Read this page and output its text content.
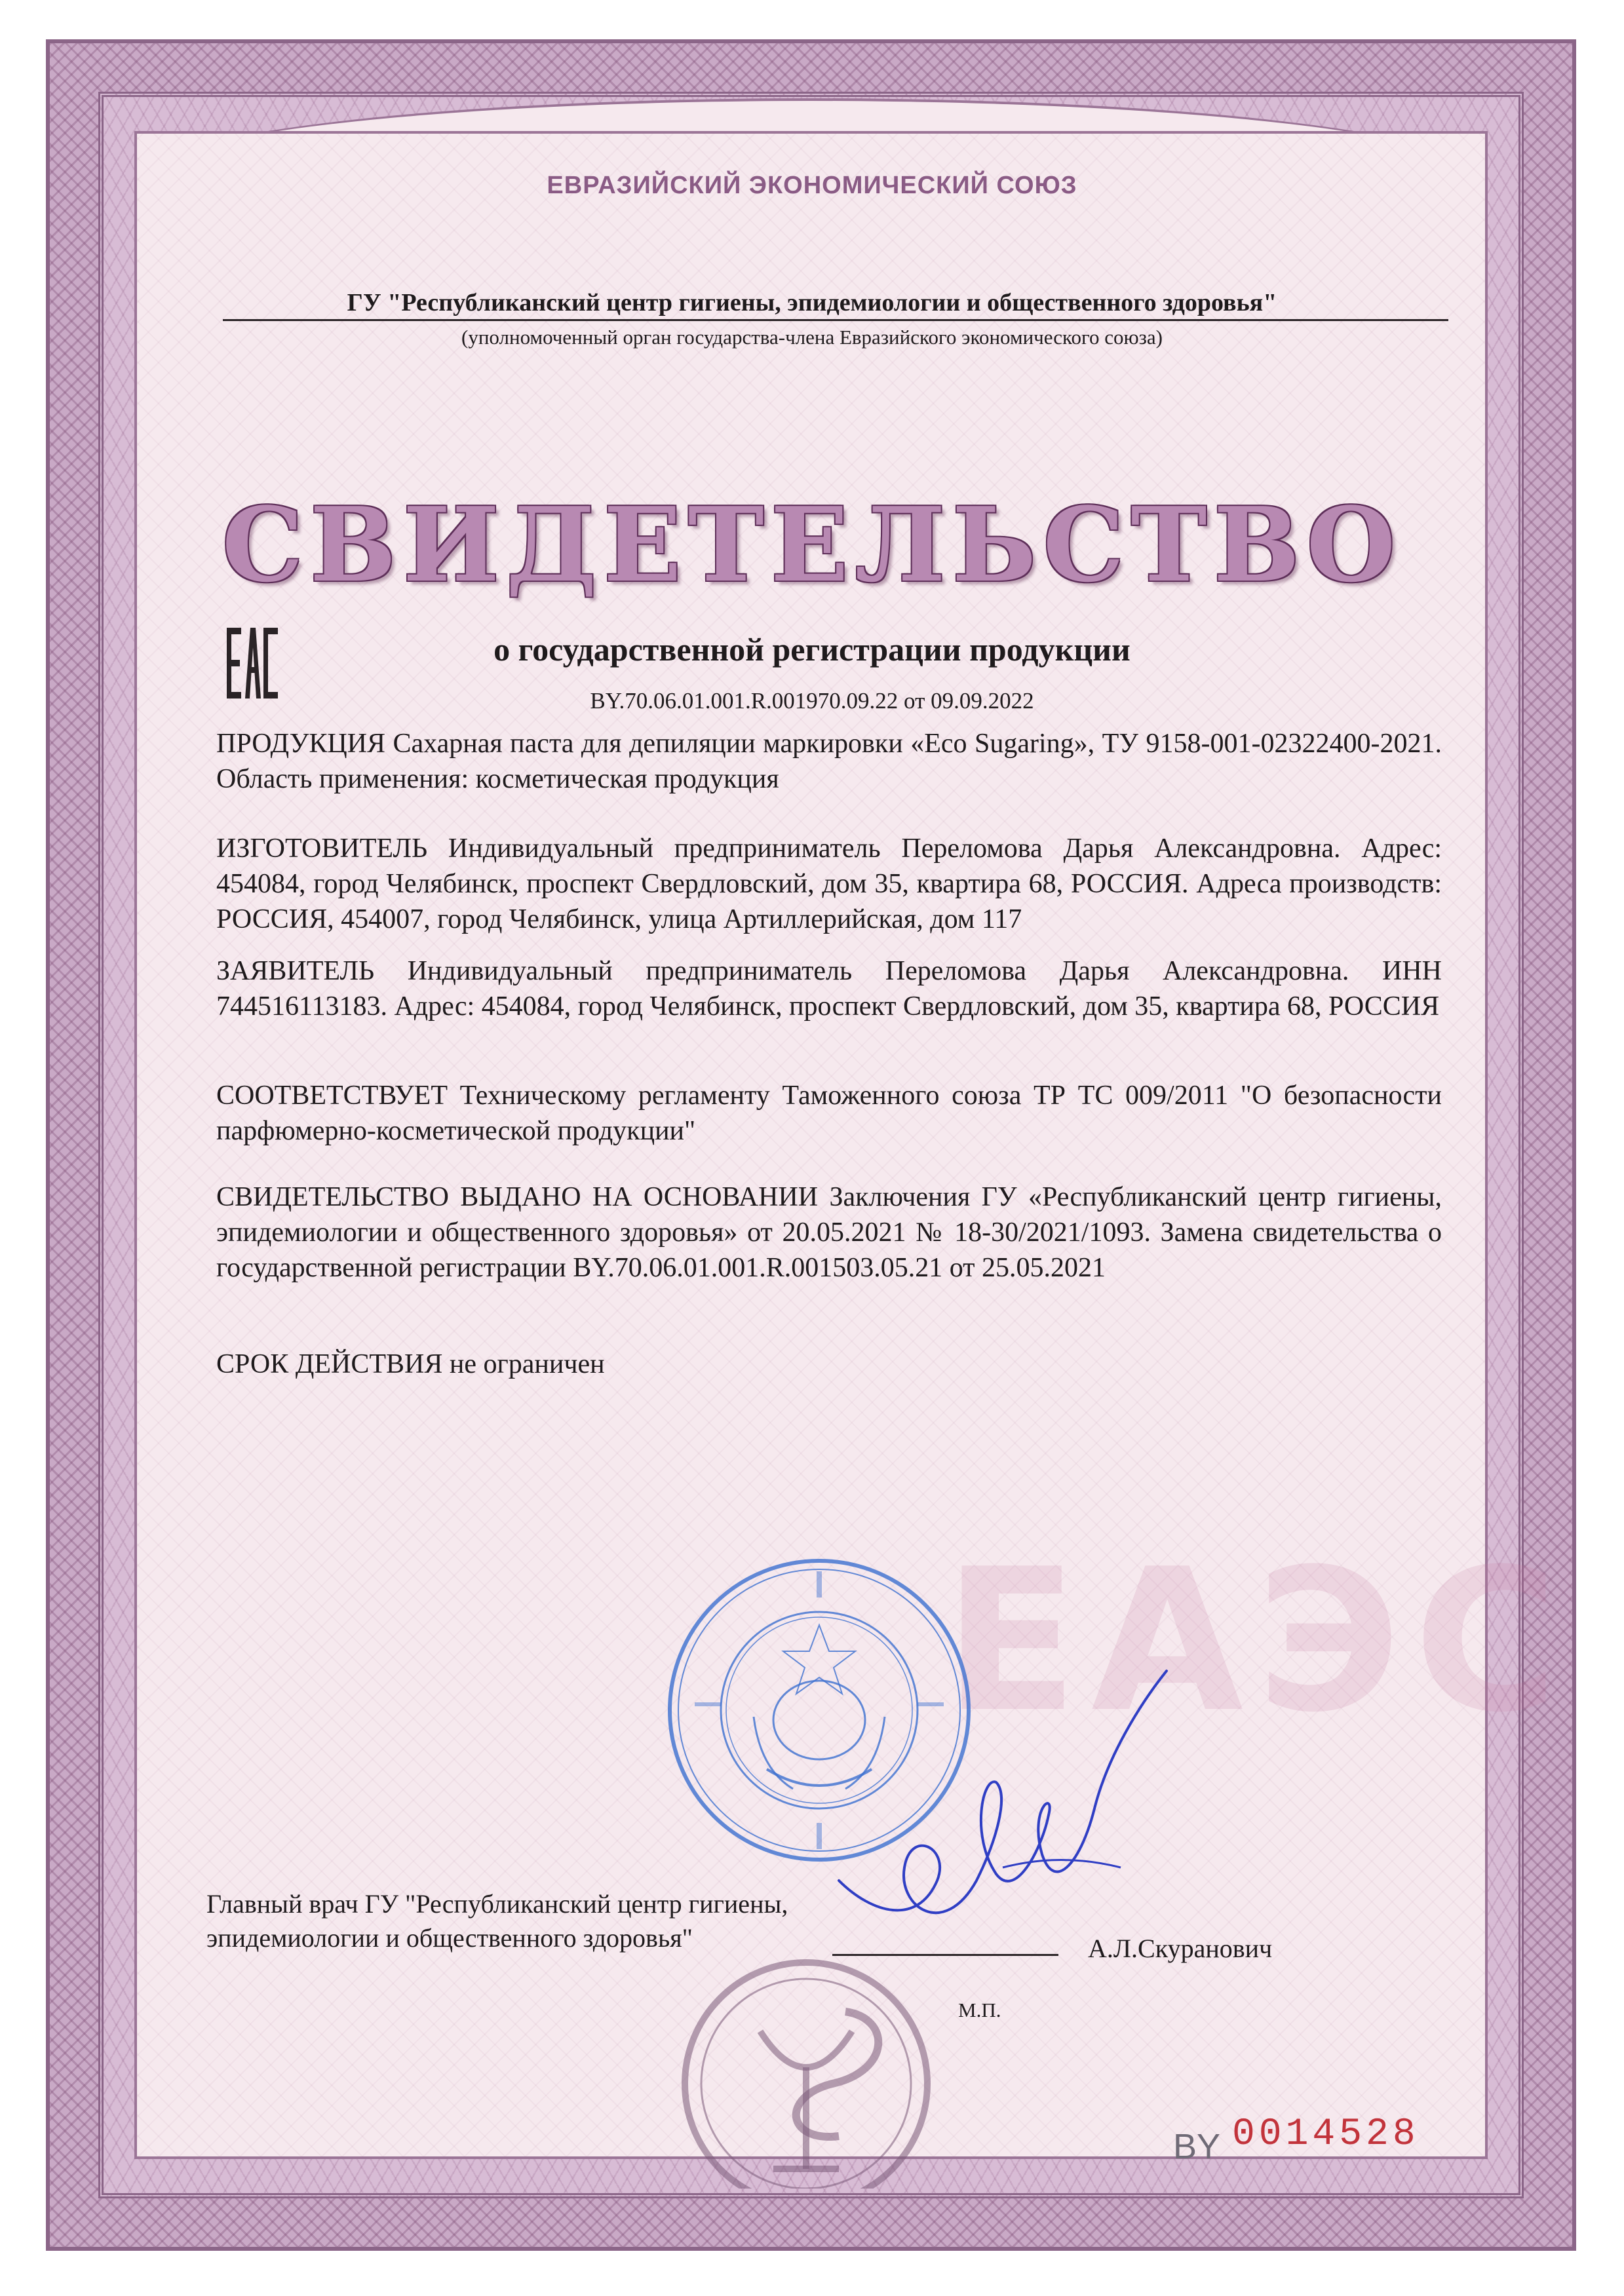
ЕВРАЗИЙСКИЙ ЭКОНОМИЧЕСКИЙ СОЮЗ
ГУ "Республиканский центр гигиены, эпидемиологии и общественного здоровья"
(уполномоченный орган государства-члена Евразийского экономического союза)
СВИДЕТЕЛЬСТВО
о государственной регистрации продукции
BY.70.06.01.001.R.001970.09.22 от 09.09.2022
ПРОДУКЦИЯ Сахарная паста для депиляции маркировки «Eco Sugaring», ТУ 9158-001-02322400-2021. Область применения: косметическая продукция
ИЗГОТОВИТЕЛЬ Индивидуальный предприниматель Переломова Дарья Александровна. Адрес: 454084, город Челябинск, проспект Свердловский, дом 35, квартира 68, РОССИЯ. Адреса производств: РОССИЯ, 454007, город Челябинск, улица Артиллерийская, дом 117
ЗАЯВИТЕЛЬ Индивидуальный предприниматель Переломова Дарья Александровна. ИНН 744516113183. Адрес: 454084, город Челябинск, проспект Свердловский, дом 35, квартира 68, РОССИЯ
СООТВЕТСТВУЕТ Техническому регламенту Таможенного союза ТР ТС 009/2011 "О безопасности парфюмерно-косметической продукции"
СВИДЕТЕЛЬСТВО ВЫДАНО НА ОСНОВАНИИ Заключения ГУ «Республиканский центр гигиены, эпидемиологии и общественного здоровья» от 20.05.2021 № 18-30/2021/1093. Замена свидетельства о государственной регистрации BY.70.06.01.001.R.001503.05.21 от 25.05.2021
СРОК ДЕЙСТВИЯ не ограничен
ЕАЭС
Главный врач ГУ "Республиканский центр гигиены, эпидемиологии и общественного здоровья"	А.Л.Скуранович
М.П.
BY 0014528
